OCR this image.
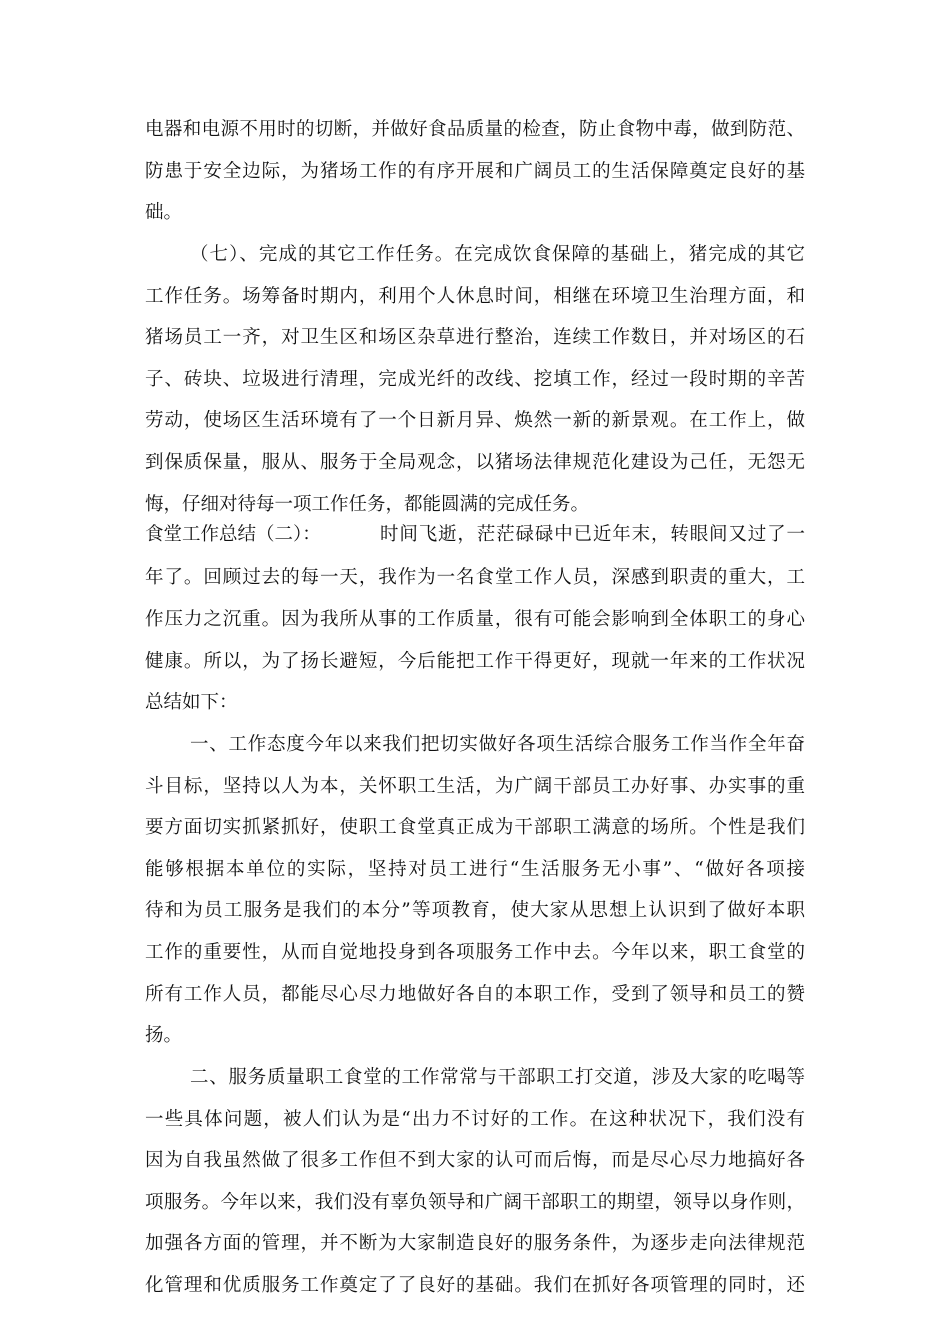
电器和电源不用时的切断，并做好食品质量的检查，防止食物中毒，做到防范、
防患于安全边际，为猪场工作的有序开展和广阔员工的生活保障奠定良好的基
础。
（七）、完成的其它工作任务。在完成饮食保障的基础上，猪完成的其它
工作任务。场筹备时期内，利用个人休息时间，相继在环境卫生治理方面，和
猪场员工一齐，对卫生区和场区杂草进行整治，连续工作数日，并对场区的石
子、砖块、垃圾进行清理，完成光纤的改线、挖填工作，经过一段时期的辛苦
劳动，使场区生活环境有了一个日新月异、焕然一新的新景观。在工作上，做
到保质保量，服从、服务于全局观念，以猪场法律规范化建设为己任，无怨无
悔，仔细对待每一项工作任务，都能圆满的完成任务。
食堂工作总结（二）：	时间飞逝，茫茫碌碌中已近年末，转眼间又过了一
年了。回顾过去的每一天，我作为一名食堂工作人员，深感到职责的重大，工
作压力之沉重。因为我所从事的工作质量，很有可能会影响到全体职工的身心
健康。所以，为了扬长避短，今后能把工作干得更好，现就一年来的工作状况
总结如下：
一、工作态度今年以来我们把切实做好各项生活综合服务工作当作全年奋
斗目标，坚持以人为本，关怀职工生活，为广阔干部员工办好事、办实事的重
要方面切实抓紧抓好，使职工食堂真正成为干部职工满意的场所。个性是我们
能够根据本单位的实际，坚持对员工进行“生活服务无小事”、“做好各项接
待和为员工服务是我们的本分”等项教育，使大家从思想上认识到了做好本职
工作的重要性，从而自觉地投身到各项服务工作中去。今年以来，职工食堂的
所有工作人员，都能尽心尽力地做好各自的本职工作，受到了领导和员工的赞
扬。
二、服务质量职工食堂的工作常常与干部职工打交道，涉及大家的吃喝等
一些具体问题，被人们认为是“出力不讨好的工作。在这种状况下，我们没有
因为自我虽然做了很多工作但不到大家的认可而后悔，而是尽心尽力地搞好各
项服务。今年以来，我们没有辜负领导和广阔干部职工的期望，领导以身作则，
加强各方面的管理，并不断为大家制造良好的服务条件，为逐步走向法律规范
化管理和优质服务工作奠定了了良好的基础。我们在抓好各项管理的同时，还
